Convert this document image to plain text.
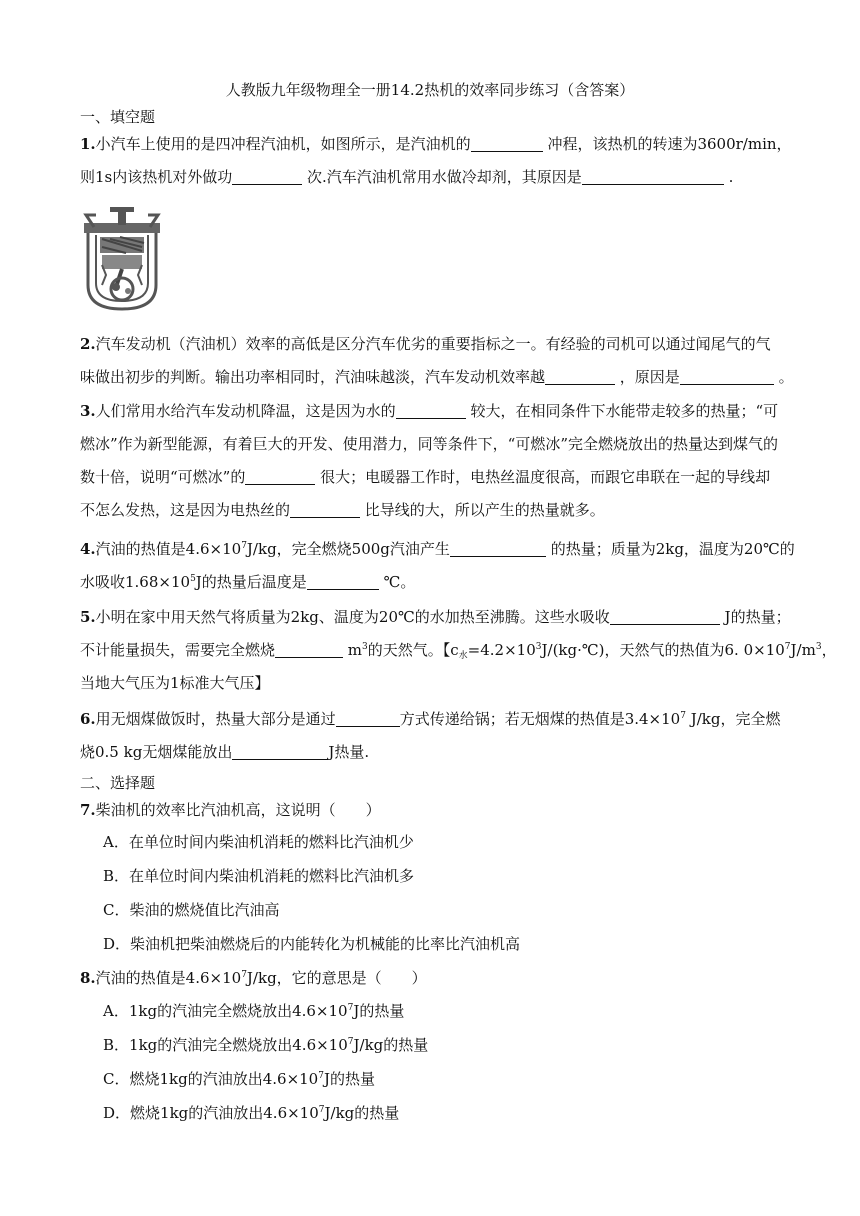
人教版九年级物理全一册14.2热机的效率同步练习（含答案）
一、填空题

1.小汽车上使用的是四冲程汽油机，如图所示，是汽油机的	冲程，该热机的转速为3600r/min，

则1s内该热机对外做功	次.汽车汽油机常用水做冷却剂，其原因是	.

2.汽车发动机（汽油机）效率的高低是区分汽车优劣的重要指标之一。有经验的司机可以通过闻尾气的气

味做出初步的判断。输出功率相同时，汽油味越淡，汽车发动机效率越	，原因是	。

3.人们常用水给汽车发动机降温，这是因为水的	较大，在相同条件下水能带走较多的热量；“可

燃冰”作为新型能源，有着巨大的开发、使用潜力，同等条件下，“可燃冰”完全燃烧放出的热量达到煤气的

数十倍，说明“可燃冰”的	很大；电暖器工作时，电热丝温度很高，而跟它串联在一起的导线却

不怎么发热，这是因为电热丝的	比导线的大，所以产生的热量就多。

4.汽油的热值是$4.6\times 10^7J/kg$，完全燃烧500g汽油产生	的热量；质量为2kg，温度为20℃的

水吸收$1.68\times 10^5J$的热量后温度是	℃。

5.小明在家中用天然气将质量为2kg、温度为20℃的水加热至沸腾。这些水吸收	J的热量；

不计能量损失，需要完全燃烧	$m^3$的天然气。【$c_水=4.2\times 10^3J/(kg\cdot℃)$，天然气的热值为6. $0\times 10^7J/m^3$，

当地大气压为1标准大气压】

6.用无烟煤做饭时，热量大部分是通过	方式传递给锅；若无烟煤的热值是$3.4\times 10^7$ J/kg，完全燃

烧0.5 kg无烟煤能放出	J热量.

二、选择题

7.柴油机的效率比汽油机高，这说明（　　）

A．在单位时间内柴油机消耗的燃料比汽油机少
B．在单位时间内柴油机消耗的燃料比汽油机多
C．柴油的燃烧值比汽油高
D．柴油机把柴油燃烧后的内能转化为机械能的比率比汽油机高

8.汽油的热值是$4.6\times 10^7J/kg$，它的意思是（　　）

A．1kg的汽油完全燃烧放出$4.6\times 10^7J$的热量
B．1kg的汽油完全燃烧放出$4.6\times 10^7J/kg$的热量
C．燃烧1kg的汽油放出$4.6\times 10^7J$的热量
D．燃烧1kg的汽油放出$4.6\times 10^7J/kg$的热量
